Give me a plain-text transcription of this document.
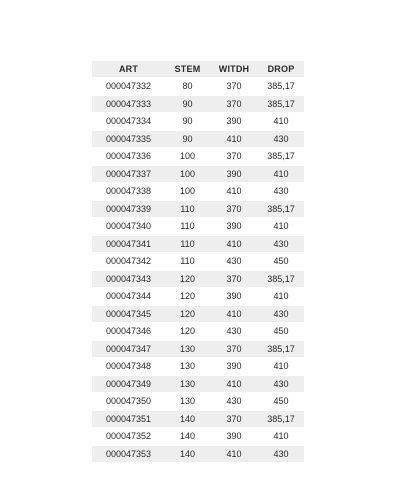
ART	STEM	WITDH	DROP
000047332	80	370	385,17
000047333	90	370	385,17
000047334	90	390	410
000047335	90	410	430
000047336	100	370	385,17
000047337	100	390	410
000047338	100	410	430
000047339	110	370	385,17
000047340	110	390	410
000047341	110	410	430
000047342	110	430	450
000047343	120	370	385,17
000047344	120	390	410
000047345	120	410	430
000047346	120	430	450
000047347	130	370	385,17
000047348	130	390	410
000047349	130	410	430
000047350	130	430	450
000047351	140	370	385,17
000047352	140	390	410
000047353	140	410	430
